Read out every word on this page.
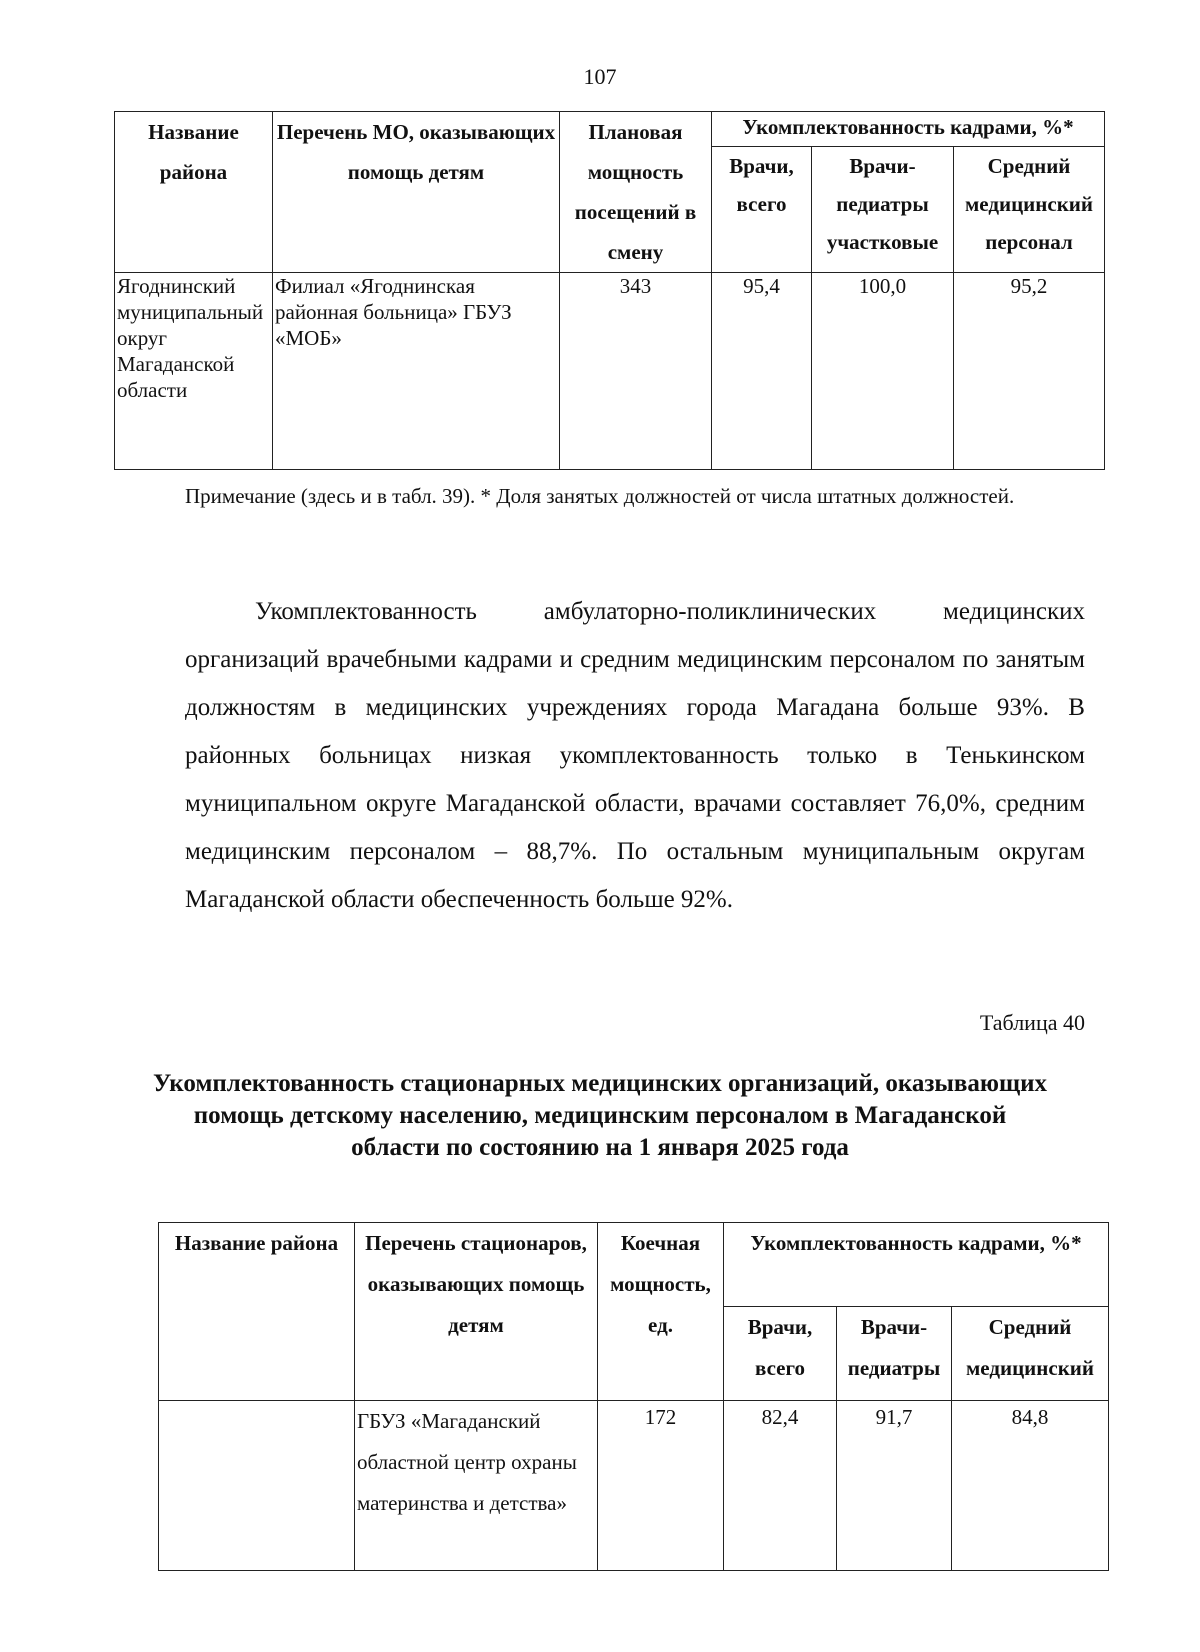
107
Название района	Перечень МО, оказывающих помощь детям	Плановая мощность посещений в смену	Укомплектованность кадрами, %*		
			Врачи, всего	Врачи-педиатры участковые	Средний медицинский персонал
Ягоднинский муниципальный округ Магаданской области	Филиал «Ягоднинская районная больница» ГБУЗ «МОБ»	343	95,4	100,0	95,2
Примечание (здесь и в табл. 39). * Доля занятых должностей от числа штатных должностей.
Укомплектованность амбулаторно-поликлинических медицинских организаций врачебными кадрами и средним медицинским персоналом по занятым должностям в медицинских учреждениях города Магадана больше 93%. В районных больницах низкая укомплектованность только в Тенькинском муниципальном округе Магаданской области, врачами составляет 76,0%, средним медицинским персоналом – 88,7%. По остальным муниципальным округам Магаданской области обеспеченность больше 92%.
Таблица 40
Укомплектованность стационарных медицинских организаций, оказывающих помощь детскому населению, медицинским персоналом в Магаданской области по состоянию на 1 января 2025 года
Название района	Перечень стационаров, оказывающих помощь детям	Коечная мощность, ед.	Укомплектованность кадрами, %*		
			Врачи, всего	Врачи-педиатры	Средний медицинский
	ГБУЗ «Магаданский областной центр охраны материнства и детства»	172	82,4	91,7	84,8
